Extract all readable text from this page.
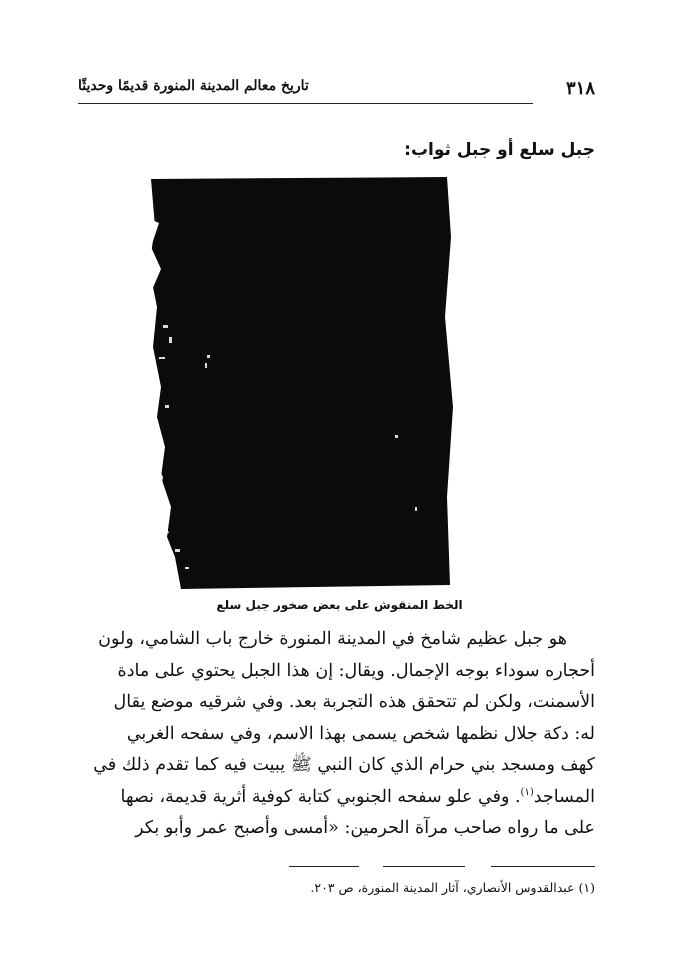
٣١٨
تاريخ معالم المدينة المنورة قديمًا وحديثًا
جبل سلع أو جبل ثواب:
الخط المنقوش على بعض صخور جبل سلع

هو جبل عظيم شامخ في المدينة المنورة خارج باب الشامي، ولون

أحجاره سوداء بوجه الإجمال. ويقال: إن هذا الجبل يحتوي على مادة

الأسمنت، ولكن لم تتحقق هذه التجربة بعد. وفي شرقيه موضع يقال

له: دكة جلال نظمها شخص يسمى بهذا الاسم، وفي سفحه الغربي

كهف ومسجد بني حرام الذي كان النبي ﷺ يبيت فيه كما تقدم ذلك في

المساجد$^{(١)}$. وفي علو سفحه الجنوبي كتابة كوفية أثرية قديمة، نصها

على ما رواه صاحب مرآة الحرمين: «أمسى وأصبح عمر وأبو بكر

(١) عبدالقدوس الأنصاري، آثار المدينة المنورة، ص ٢٠٣.
